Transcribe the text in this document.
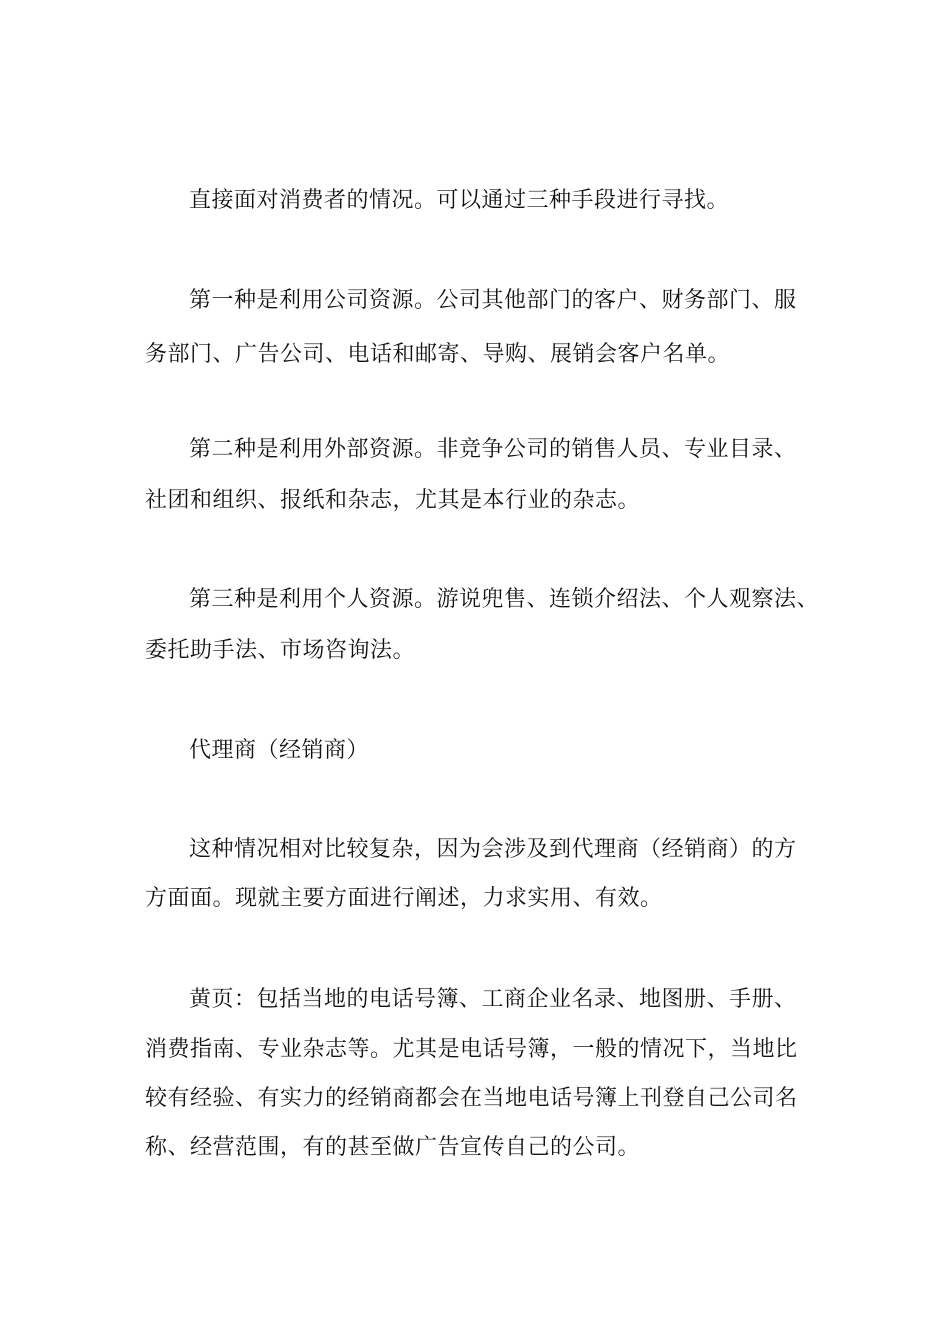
直接面对消费者的情况。可以通过三种手段进行寻找。
第一种是利用公司资源。公司其他部门的客户、财务部门、服
务部门、广告公司、电话和邮寄、导购、展销会客户名单。
第二种是利用外部资源。非竞争公司的销售人员、专业目录、
社团和组织、报纸和杂志，尤其是本行业的杂志。
第三种是利用个人资源。游说兜售、连锁介绍法、个人观察法、
委托助手法、市场咨询法。
代理商（经销商）
这种情况相对比较复杂，因为会涉及到代理商（经销商）的方
方面面。现就主要方面进行阐述，力求实用、有效。
黄页：包括当地的电话号簿、工商企业名录、地图册、手册、
消费指南、专业杂志等。尤其是电话号簿，一般的情况下，当地比
较有经验、有实力的经销商都会在当地电话号簿上刊登自己公司名
称、经营范围，有的甚至做广告宣传自己的公司。
